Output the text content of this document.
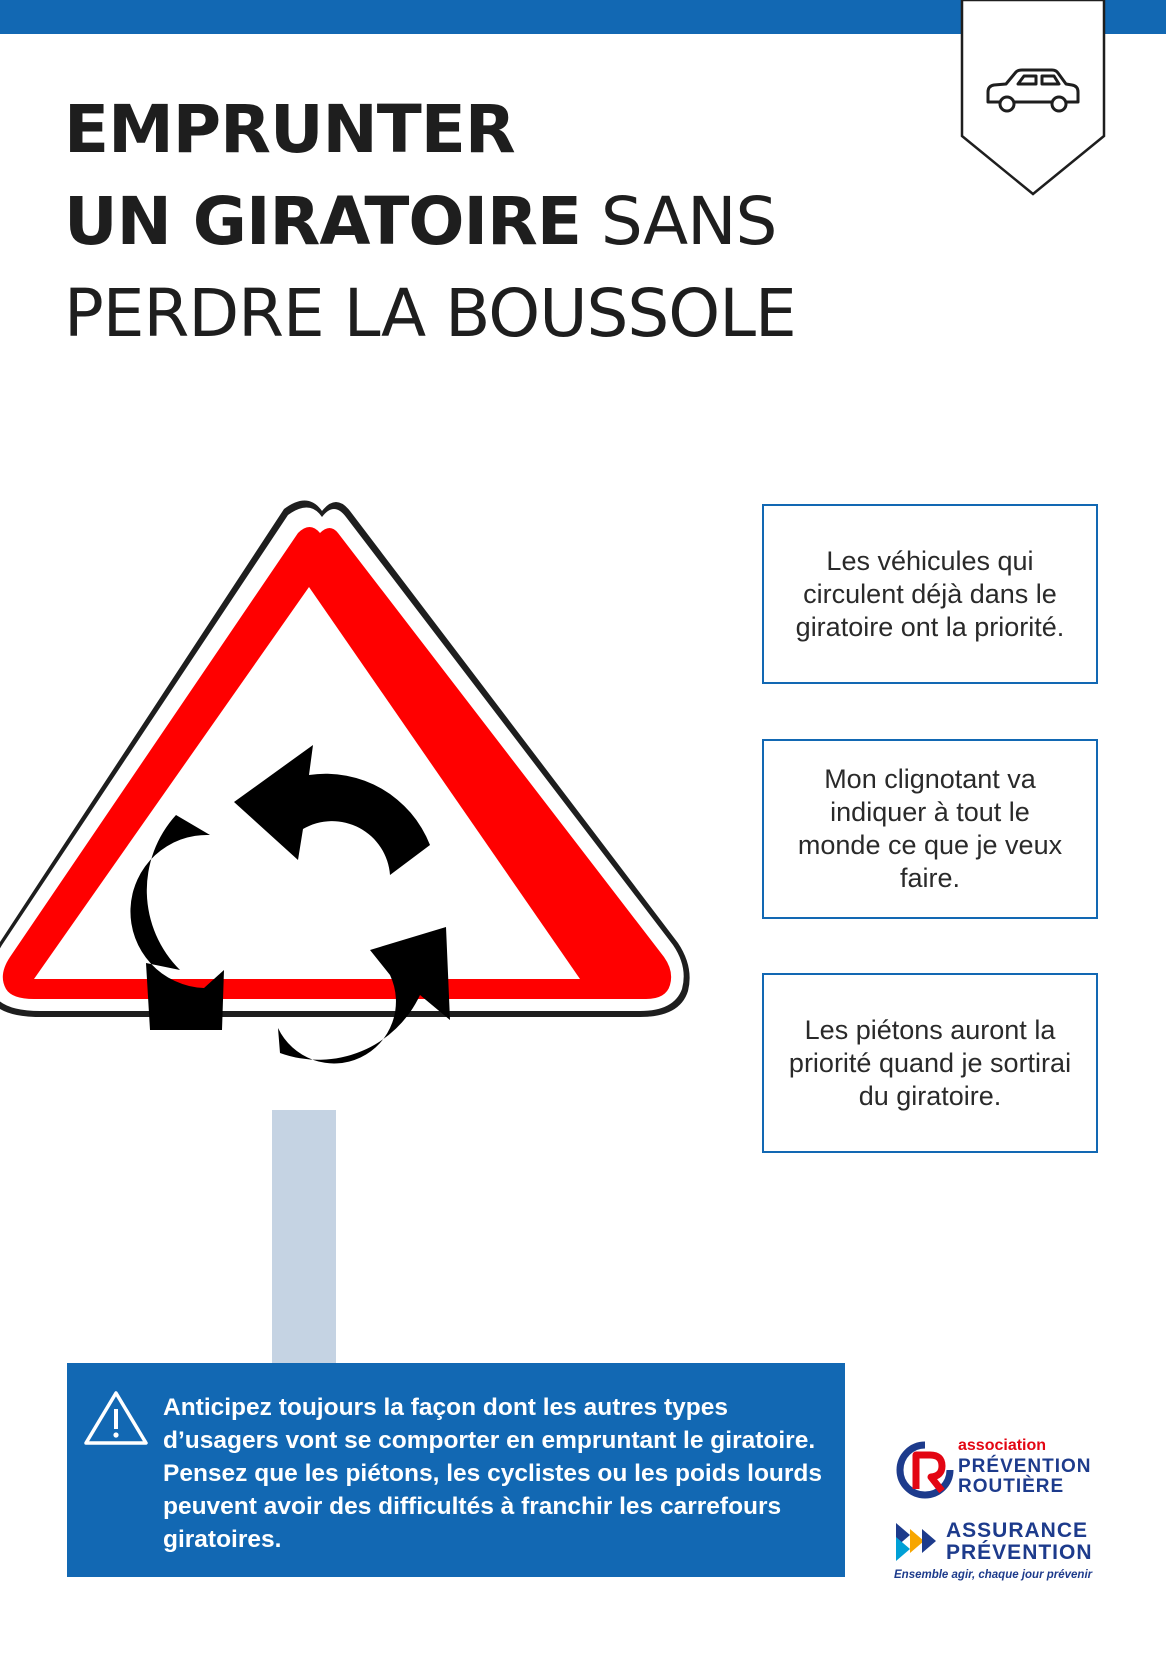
EMPRUNTER
UN GIRATOIRE SANS
PERDRE LA BOUSSOLE
Les véhicules qui circulent déjà dans le giratoire ont la priorité.
Mon clignotant va indiquer à tout le monde ce que je veux faire.
Les piétons auront la priorité quand je sortirai du giratoire.
Anticipez toujours la façon dont les autres types d’usagers vont se comporter en empruntant le giratoire. Pensez que les piétons, les cyclistes ou les poids lourds peuvent avoir des difficultés à franchir les carrefours giratoires.
association
PRÉVENTION
ROUTIÈRE
ASSURANCE
PRÉVENTION
Ensemble agir, chaque jour prévenir
